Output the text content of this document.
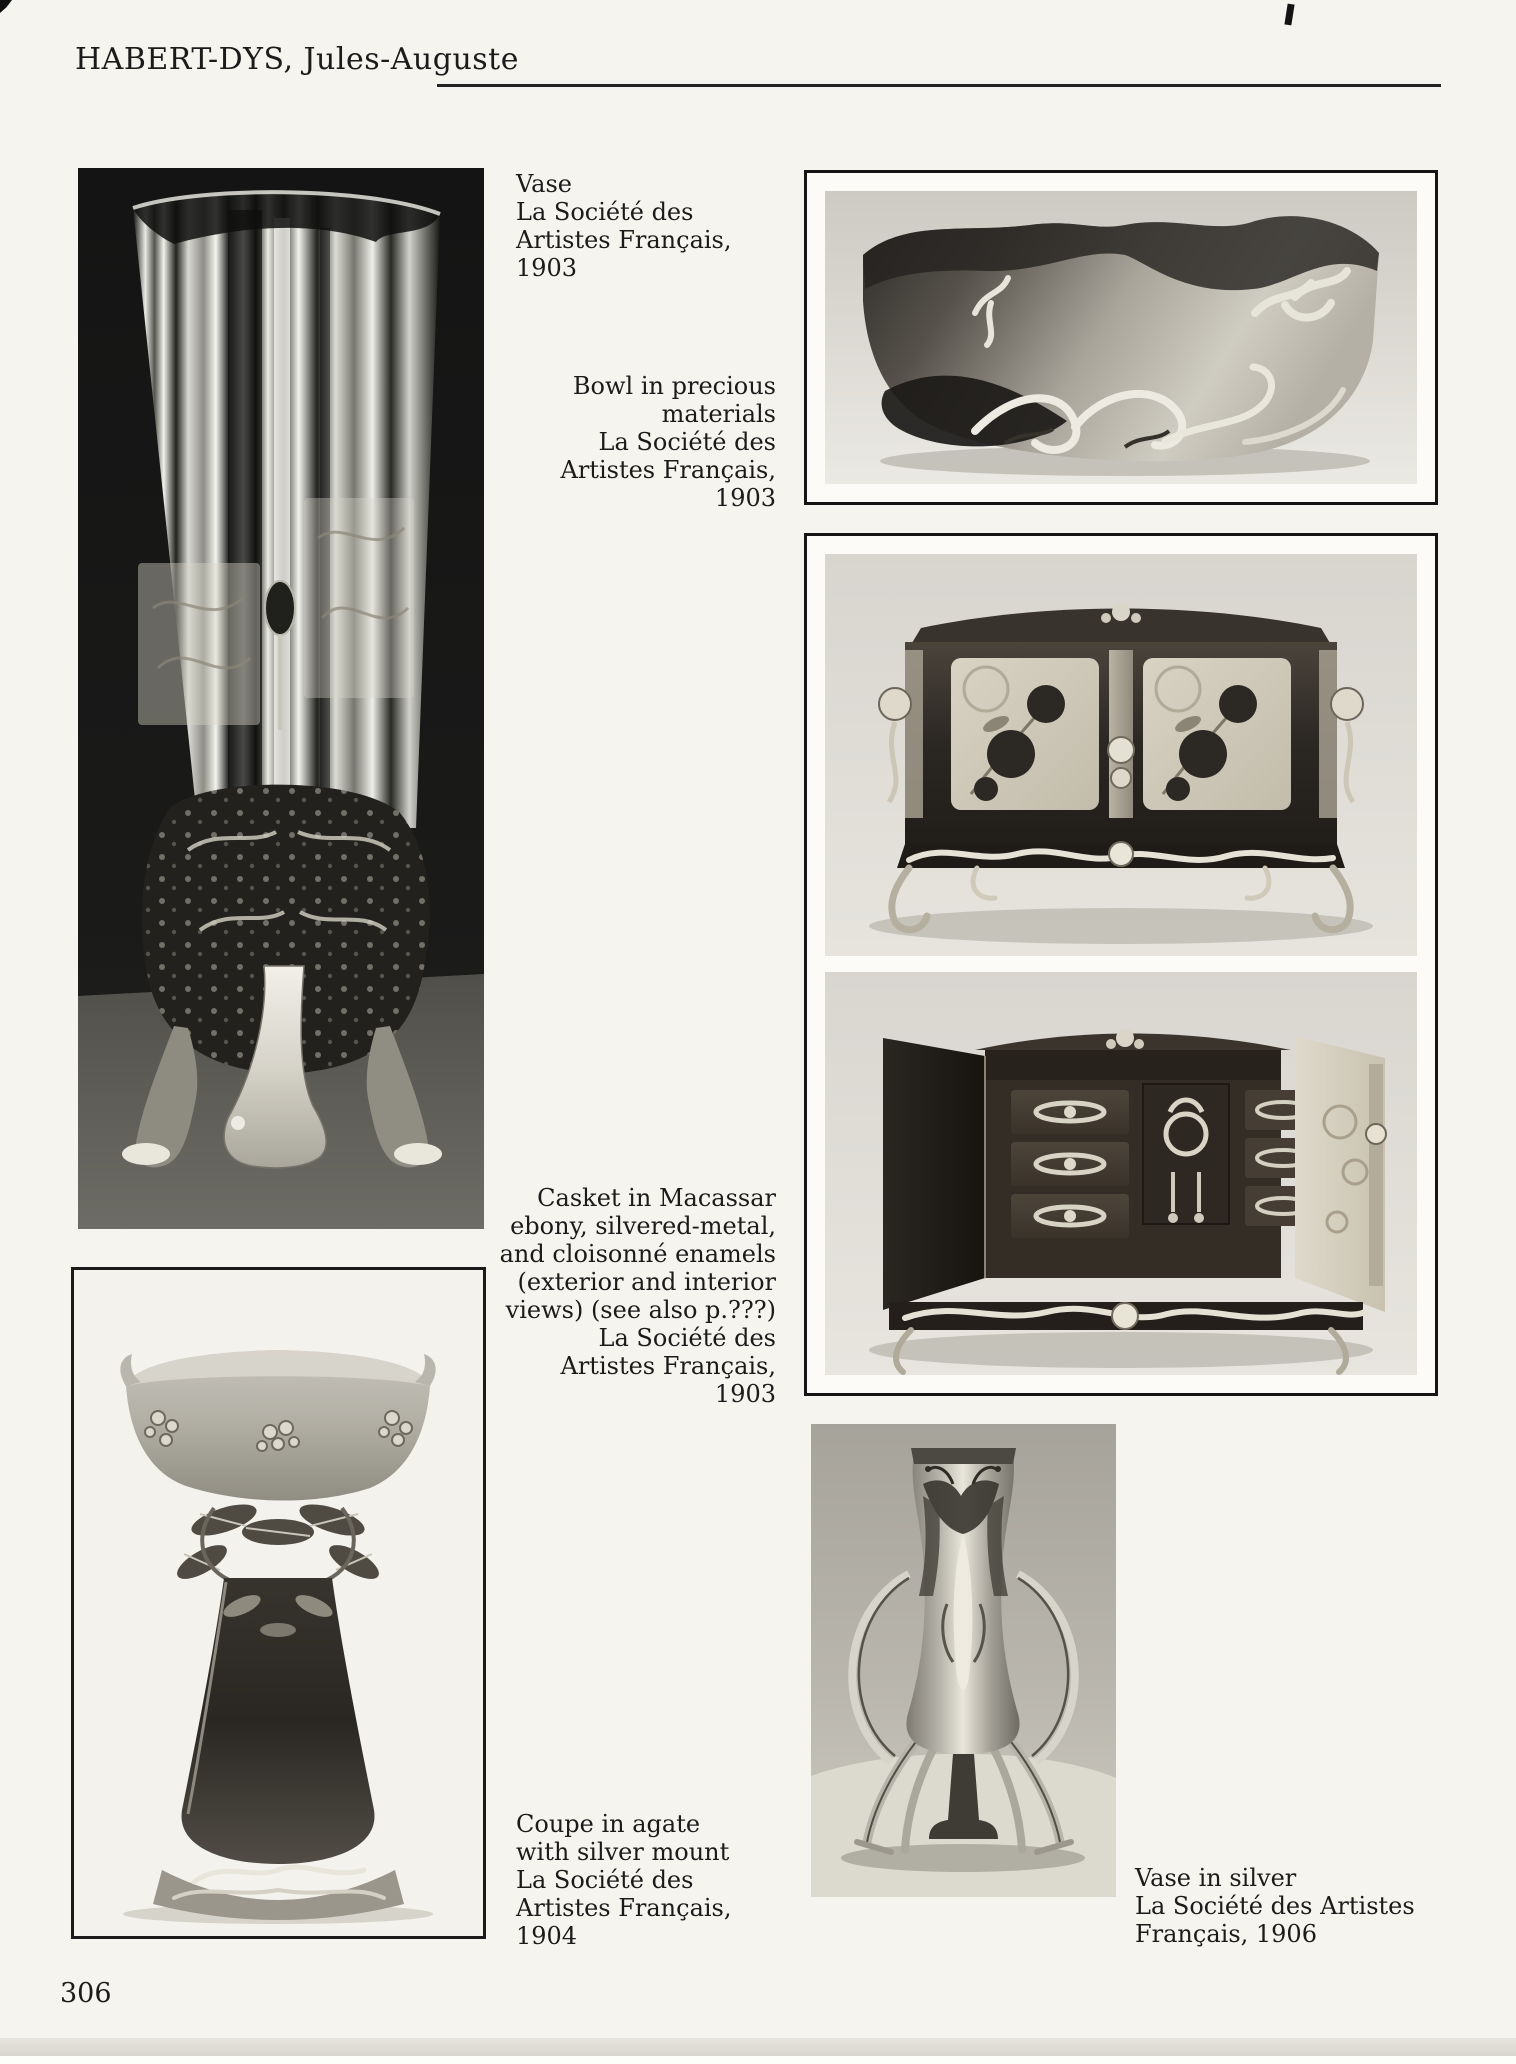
HABERT-DYS, Jules-Auguste
Vase
La Société des
Artistes Français,
1903
Bowl in precious
materials
La Société des
Artistes Français,
1903
Casket in Macassar
ebony, silvered-metal,
and cloisonné enamels
(exterior and interior
views) (see also p.???)
La Société des
Artistes Français,
1903
Coupe in agate
with silver mount
La Société des
Artistes Français,
1904
Vase in silver
La Société des Artistes
Français, 1906
306
